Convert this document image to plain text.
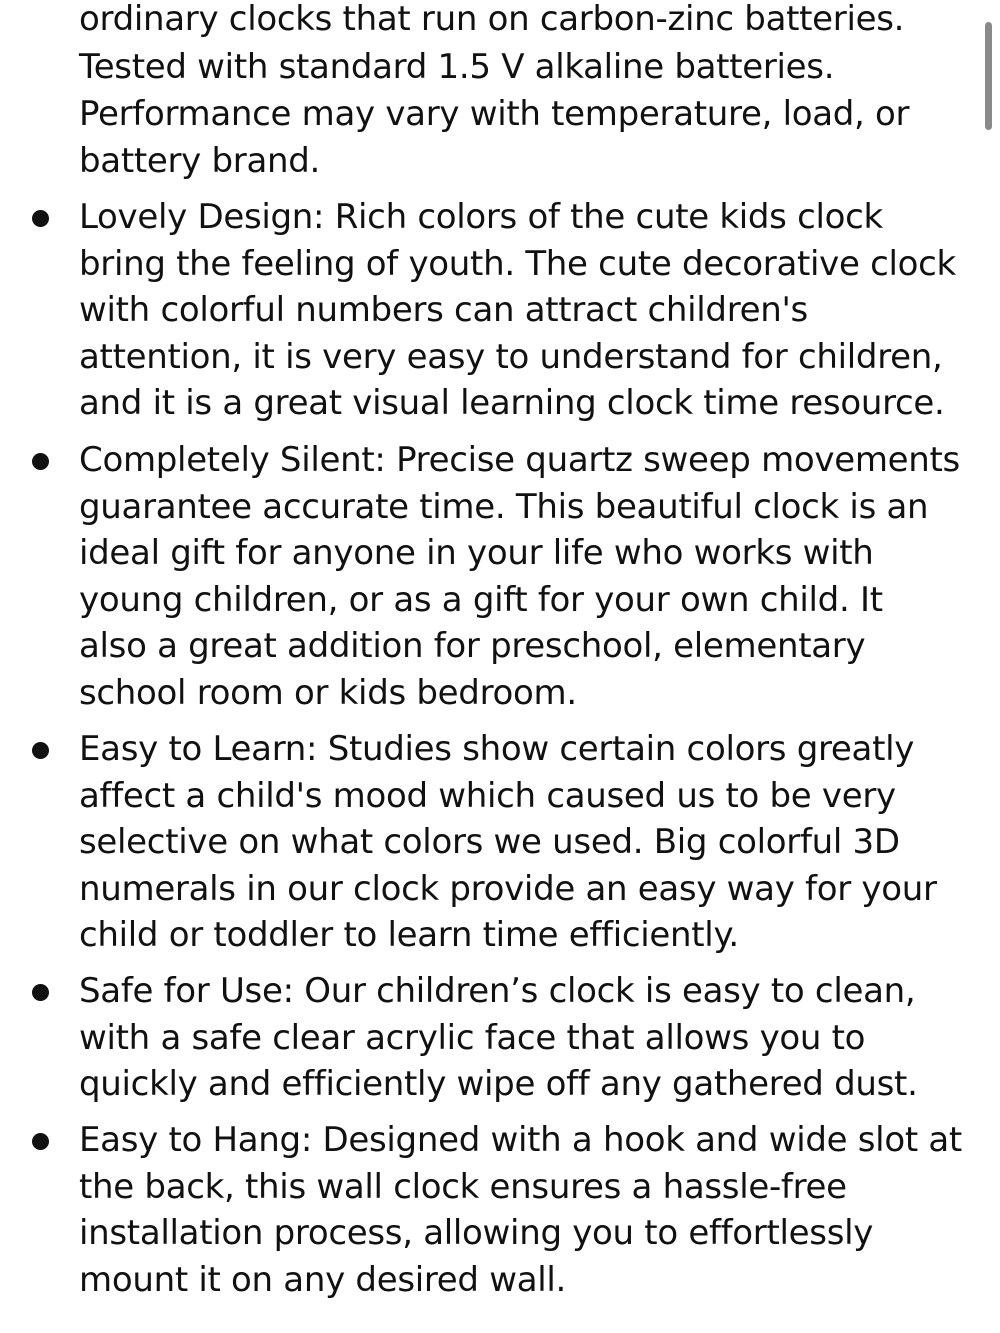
ordinary clocks that run on carbon-zinc batteries.
Tested with standard 1.5 V alkaline batteries.
Performance may vary with temperature, load, or
battery brand.
Lovely Design: Rich colors of the cute kids clock
bring the feeling of youth. The cute decorative clock
with colorful numbers can attract children's
attention, it is very easy to understand for children,
and it is a great visual learning clock time resource.
Completely Silent: Precise quartz sweep movements
guarantee accurate time. This beautiful clock is an
ideal gift for anyone in your life who works with
young children, or as a gift for your own child. It
also a great addition for preschool, elementary
school room or kids bedroom.
Easy to Learn: Studies show certain colors greatly
affect a child's mood which caused us to be very
selective on what colors we used. Big colorful 3D
numerals in our clock provide an easy way for your
child or toddler to learn time efficiently.
Safe for Use: Our children’s clock is easy to clean,
with a safe clear acrylic face that allows you to
quickly and efficiently wipe off any gathered dust.
Easy to Hang: Designed with a hook and wide slot at
the back, this wall clock ensures a hassle-free
installation process, allowing you to effortlessly
mount it on any desired wall.
